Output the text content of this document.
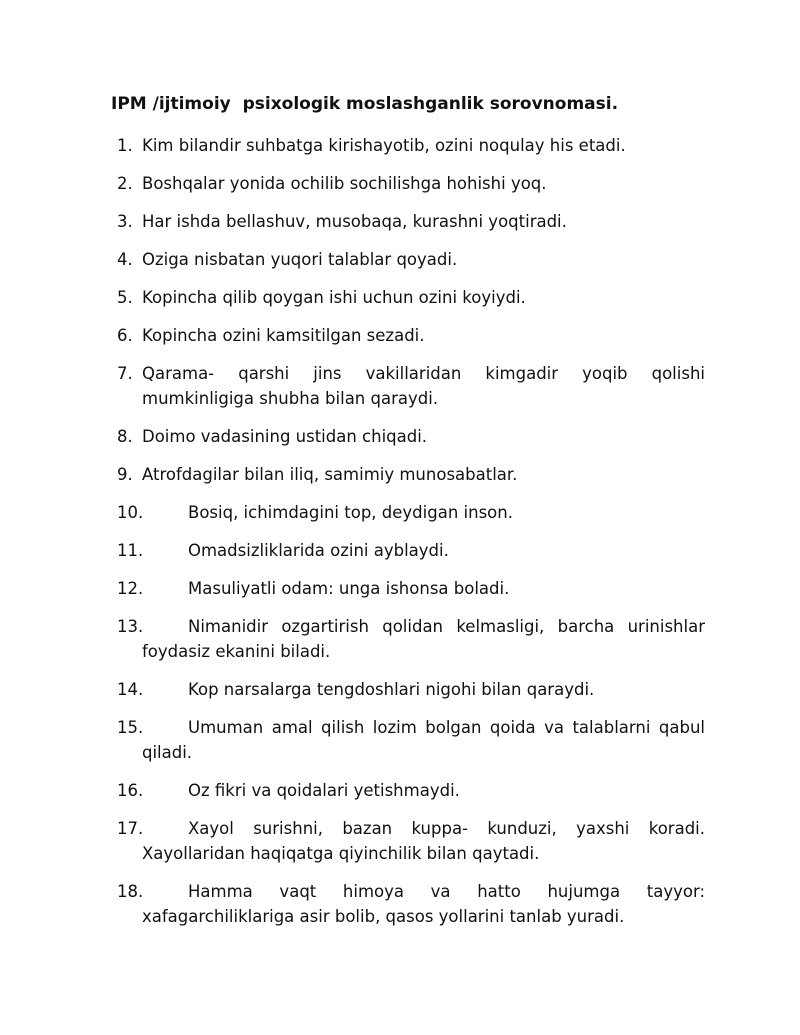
IPM /ijtimoiy  psixologik moslashganlik sorovnomasi.
1. Kim bilandir suhbatga kirishayotib, ozini noqulay his etadi.
2. Boshqalar yonida ochilib sochilishga hohishi yoq.
3. Har ishda bellashuv, musobaqa, kurashni yoqtiradi.
4. Oziga nisbatan yuqori talablar qoyadi.
5. Kopincha qilib qoygan ishi uchun ozini koyiydi.
6. Kopincha ozini kamsitilgan sezadi.
7. Qarama- qarshi jins vakillaridan kimgadir yoqib qolishi
mumkinligiga shubha bilan qaraydi.
8. Doimo vadasining ustidan chiqadi.
9. Atrofdagilar bilan iliq, samimiy munosabatlar.
10.	Bosiq, ichimdagini top, deydigan inson.
11.	Omadsizliklarida ozini ayblaydi.
12.	Masuliyatli odam: unga ishonsa boladi.
13.	Nimanidir ozgartirish qolidan kelmasligi, barcha urinishlar
foydasiz ekanini biladi.
14.	Kop narsalarga tengdoshlari nigohi bilan qaraydi.
15.	Umuman amal qilish lozim bolgan qoida va talablarni qabul
qiladi.
16.	Oz fikri va qoidalari yetishmaydi.
17.	Xayol surishni, bazan kuppa- kunduzi, yaxshi koradi.
Xayollaridan haqiqatga qiyinchilik bilan qaytadi.
18.	Hamma vaqt himoya va hatto hujumga tayyor:
xafagarchiliklariga asir bolib, qasos yollarini tanlab yuradi.
